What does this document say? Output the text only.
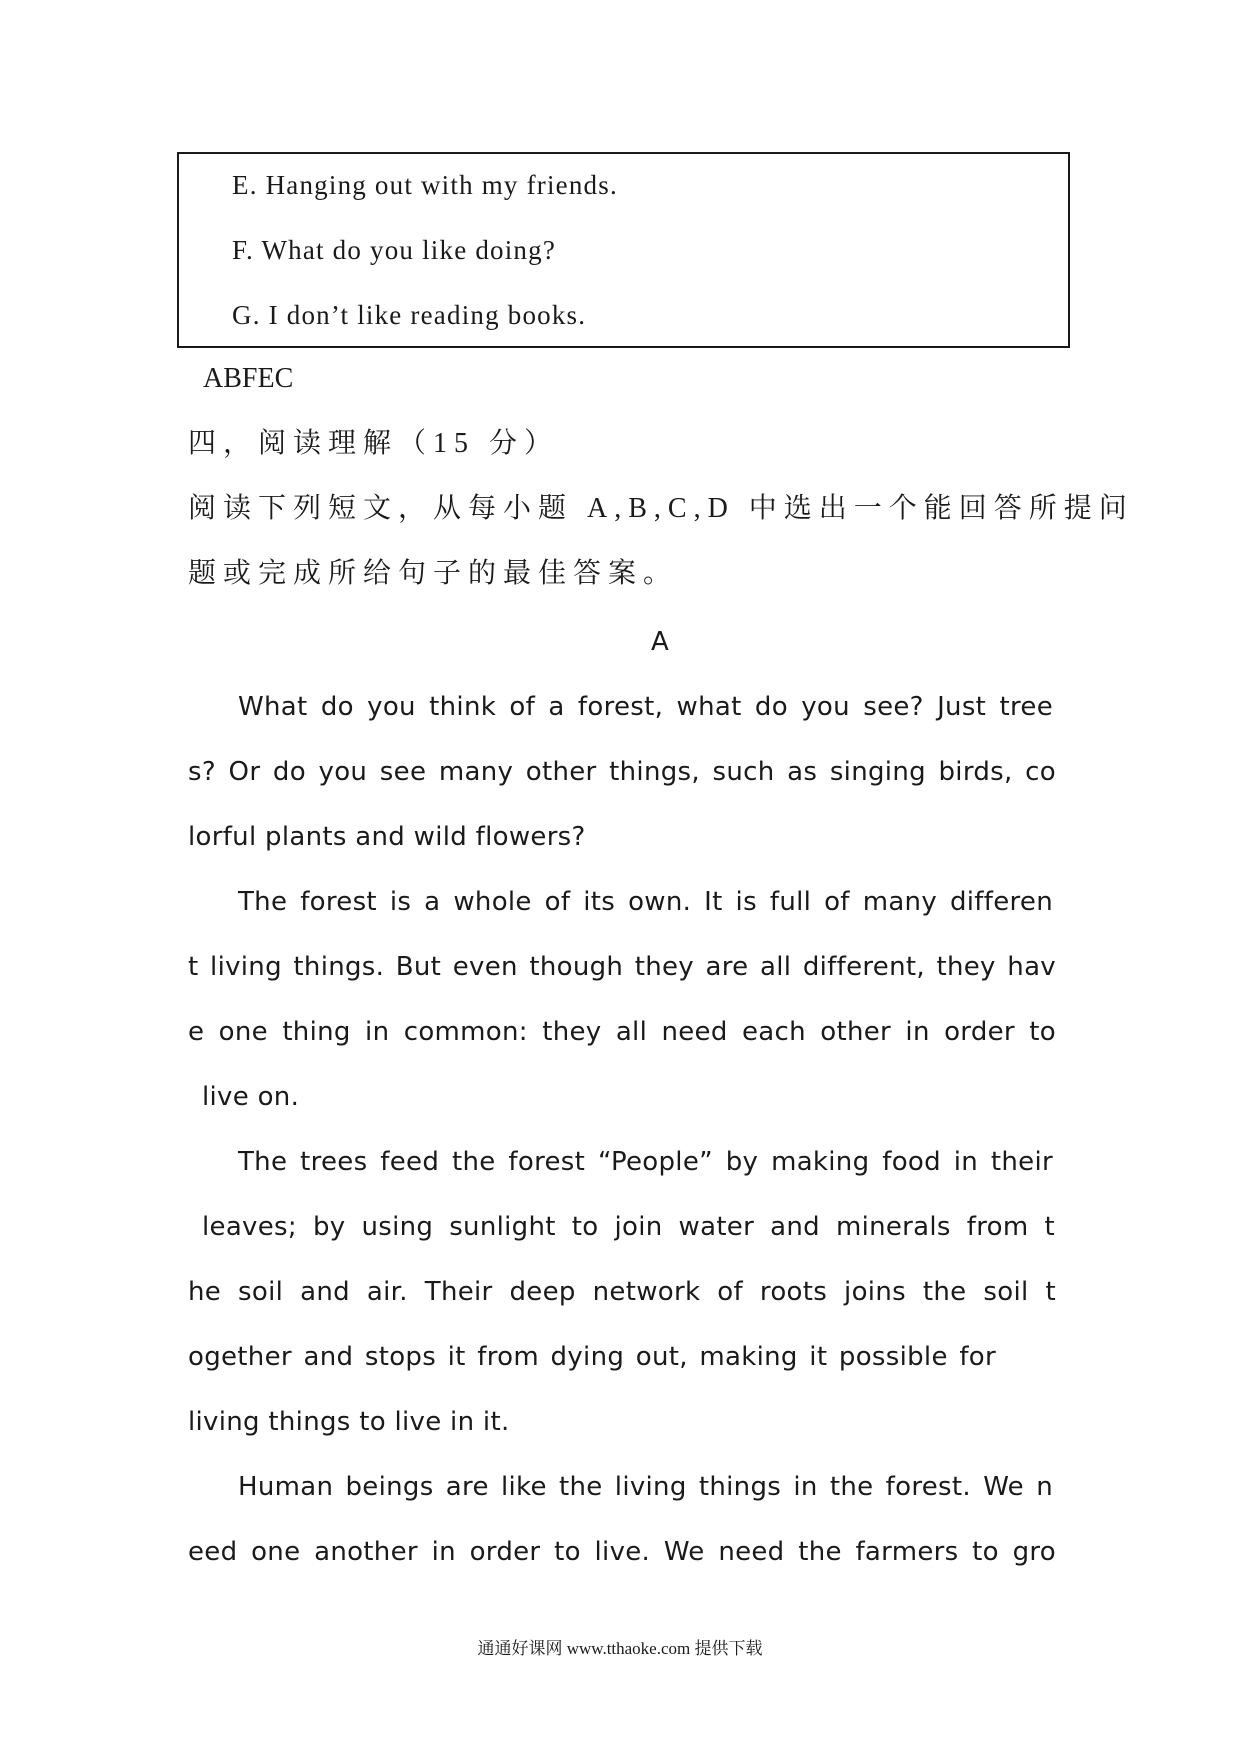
E. Hanging out with my friends.
F. What do you like doing?
G. I don’t like reading books.
ABFEC
四，阅读理解（15 分）
阅读下列短文，从每小题 A,B,C,D 中选出一个能回答所提问
题或完成所给句子的最佳答案。
A
What do you think of a forest, what do you see? Just tree
s? Or do you see many other things, such as singing birds, co
lorful plants and wild flowers?
The forest is a whole of its own. It is full of many differen
t living things. But even though they are all different, they hav
e one thing in common: they all need each other in order to
live on.
The trees feed the forest “People” by making food in their
leaves; by using sunlight to join water and minerals from t
he soil and air. Their deep network of roots joins the soil t
ogether and stops it from dying out, making it possible for
living things to live in it.
Human beings are like the living things in the forest. We n
eed one another in order to live. We need the farmers to gro
通通好课网 www.tthaoke.com 提供下载
